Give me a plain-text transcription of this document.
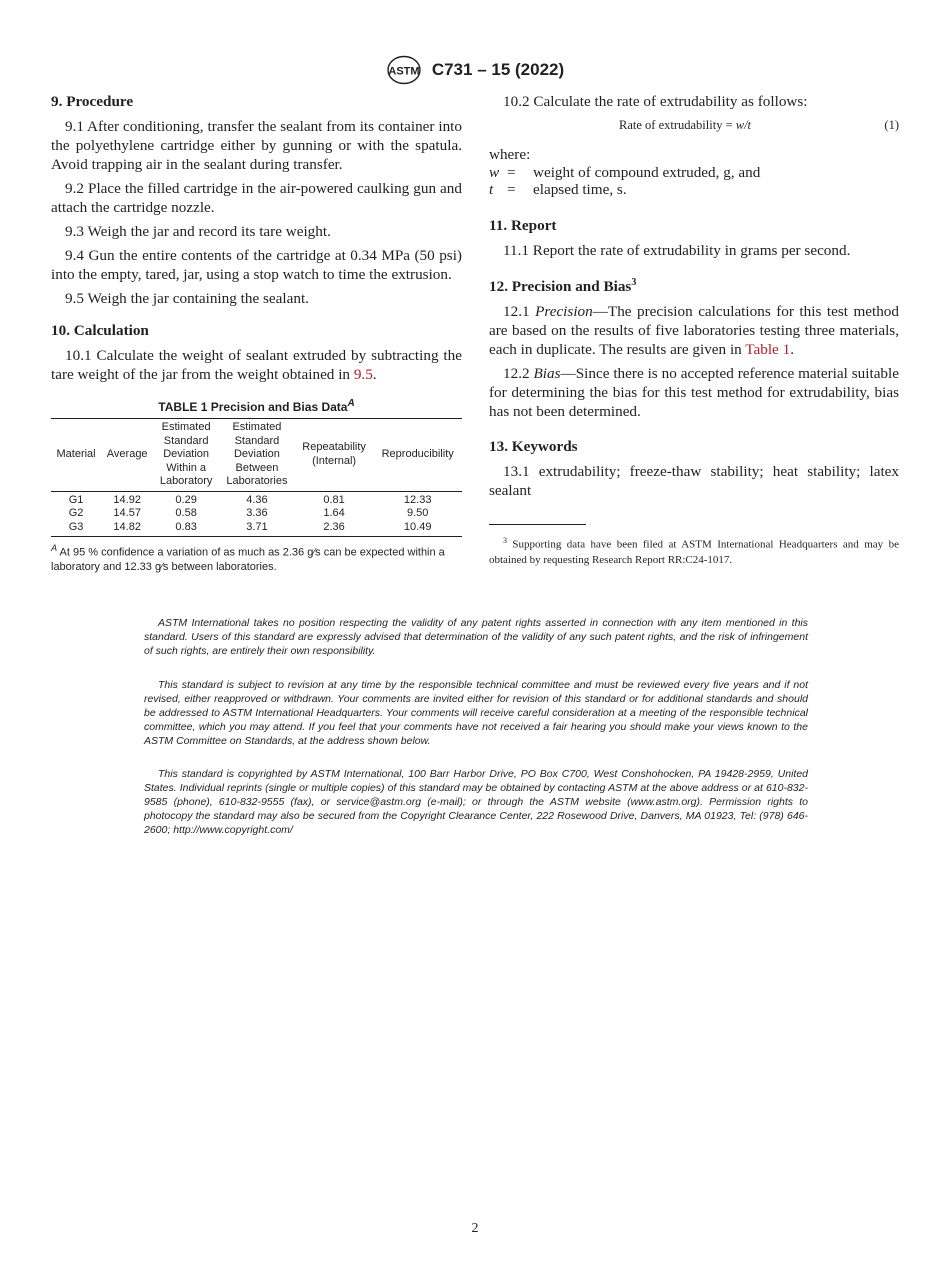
ASTM C731 – 15 (2022)
9. Procedure

9.1 After conditioning, transfer the sealant from its container into the polyethylene cartridge either by gunning or with the spatula. Avoid trapping air in the sealant during transfer.

9.2 Place the filled cartridge in the air-powered caulking gun and attach the cartridge nozzle.

9.3 Weigh the jar and record its tare weight.

9.4 Gun the entire contents of the cartridge at 0.34 MPa (50 psi) into the empty, tared, jar, using a stop watch to time the extrusion.

9.5 Weigh the jar containing the sealant.

10. Calculation

10.1 Calculate the weight of sealant extruded by subtracting the tare weight of the jar from the weight obtained in 9.5.

TABLE 1 Precision and Bias Data$^A$
Material	Average	Estimated
Standard
Deviation
Within a
Laboratory	Estimated
Standard
Deviation
Between
Laboratories	Repeatability
(Internal)	Reproducibility
G1	14.92	0.29	4.36	0.81	12.33
G2	14.57	0.58	3.36	1.64	9.50
G3	14.82	0.83	3.71	2.36	10.49

$^A$ At 95 % confidence a variation of as much as 2.36 g⁄s can be expected within a laboratory and 12.33 g⁄s between laboratories.

10.2 Calculate the rate of extrudability as follows:

Rate of extrudability = w/t	(1)

where:

w =	weight of compound extruded, g, and
t =	elapsed time, s.
11. Report

11.1 Report the rate of extrudability in grams per second.

12. Precision and Bias$^3$

12.1 Precision—The precision calculations for this test method are based on the results of five laboratories testing three materials, each in duplicate. The results are given in Table 1.

12.2 Bias—Since there is no accepted reference material suitable for determining the bias for this test method for extrudability, bias has not been determined.

13. Keywords

13.1 extrudability; freeze-thaw stability; heat stability; latex sealant

$^3$ Supporting data have been filed at ASTM International Headquarters and may be obtained by requesting Research Report RR:C24-1017.

ASTM International takes no position respecting the validity of any patent rights asserted in connection with any item mentioned in this standard. Users of this standard are expressly advised that determination of the validity of any such patent rights, and the risk of infringement of such rights, are entirely their own responsibility.

This standard is subject to revision at any time by the responsible technical committee and must be reviewed every five years and if not revised, either reapproved or withdrawn. Your comments are invited either for revision of this standard or for additional standards and should be addressed to ASTM International Headquarters. Your comments will receive careful consideration at a meeting of the responsible technical committee, which you may attend. If you feel that your comments have not received a fair hearing you should make your views known to the ASTM Committee on Standards, at the address shown below.

This standard is copyrighted by ASTM International, 100 Barr Harbor Drive, PO Box C700, West Conshohocken, PA 19428-2959, United States. Individual reprints (single or multiple copies) of this standard may be obtained by contacting ASTM at the above address or at 610-832-9585 (phone), 610-832-9555 (fax), or service@astm.org (e-mail); or through the ASTM website (www.astm.org). Permission rights to photocopy the standard may also be secured from the Copyright Clearance Center, 222 Rosewood Drive, Danvers, MA 01923, Tel: (978) 646-2600; http://www.copyright.com/

2
